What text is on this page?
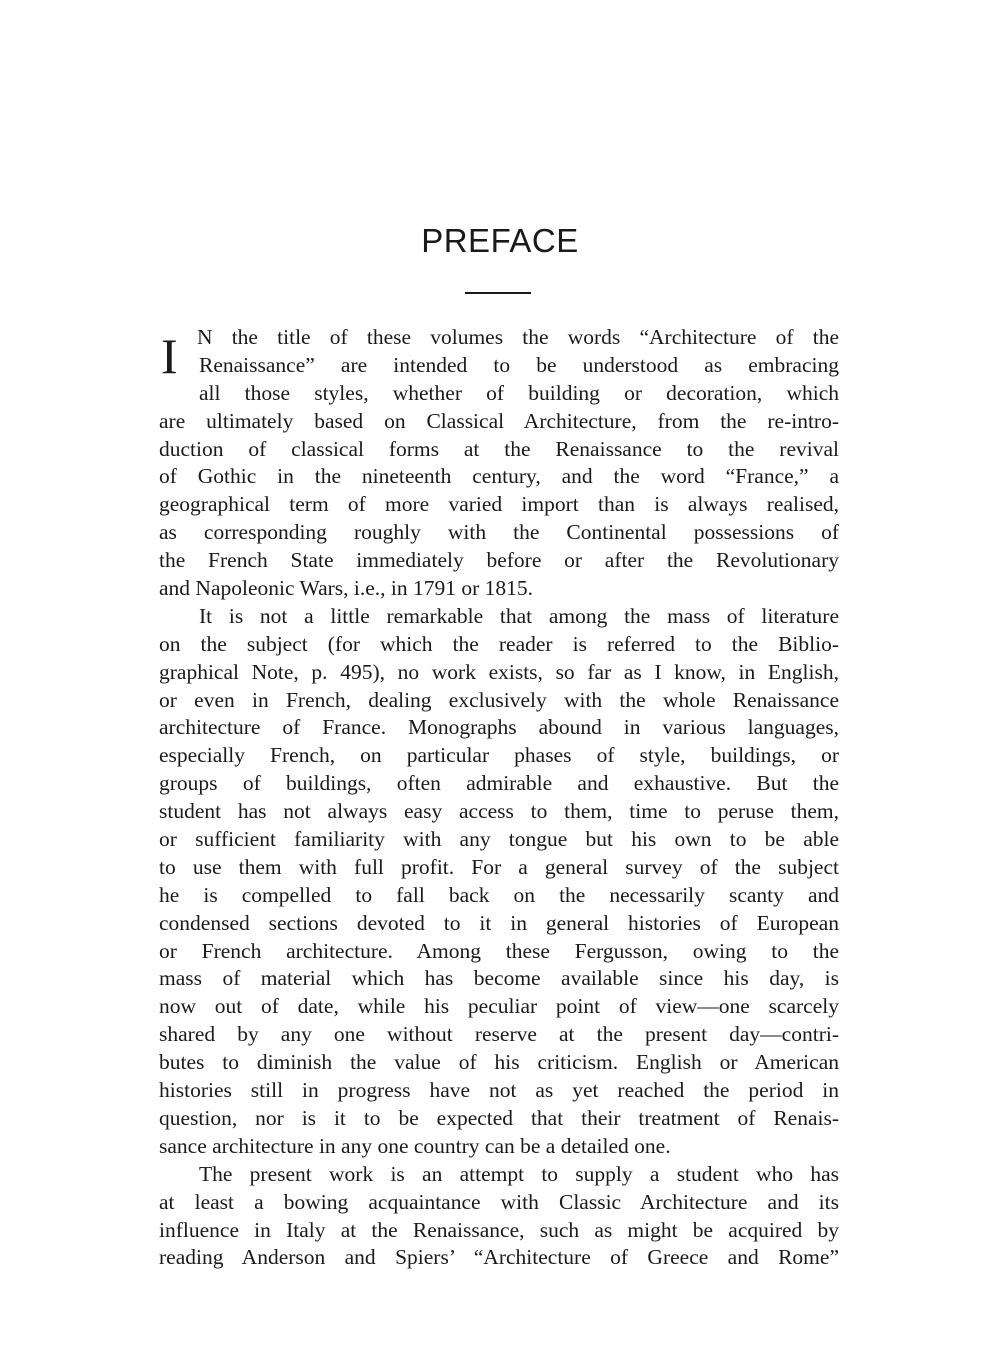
PREFACE
I N the title of these volumes the words “Architecture of the
Renaissance” are intended to be understood as embracing
all those styles, whether of building or decoration, which
are ultimately based on Classical Architecture, from the re-intro-
duction of classical forms at the Renaissance to the revival
of Gothic in the nineteenth century, and the word “France,” a
geographical term of more varied import than is always realised,
as corresponding roughly with the Continental possessions of
the French State immediately before or after the Revolutionary
and Napoleonic Wars, i.e., in 1791 or 1815.
It is not a little remarkable that among the mass of literature
on the subject (for which the reader is referred to the Biblio-
graphical Note, p. 495), no work exists, so far as I know, in English,
or even in French, dealing exclusively with the whole Renaissance
architecture of France. Monographs abound in various languages,
especially French, on particular phases of style, buildings, or
groups of buildings, often admirable and exhaustive. But the
student has not always easy access to them, time to peruse them,
or sufficient familiarity with any tongue but his own to be able
to use them with full profit. For a general survey of the subject
he is compelled to fall back on the necessarily scanty and
condensed sections devoted to it in general histories of European
or French architecture. Among these Fergusson, owing to the
mass of material which has become available since his day, is
now out of date, while his peculiar point of view—one scarcely
shared by any one without reserve at the present day—contri-
butes to diminish the value of his criticism. English or American
histories still in progress have not as yet reached the period in
question, nor is it to be expected that their treatment of Renais-
sance architecture in any one country can be a detailed one.
The present work is an attempt to supply a student who has
at least a bowing acquaintance with Classic Architecture and its
influence in Italy at the Renaissance, such as might be acquired by
reading Anderson and Spiers’ “Architecture of Greece and Rome”
